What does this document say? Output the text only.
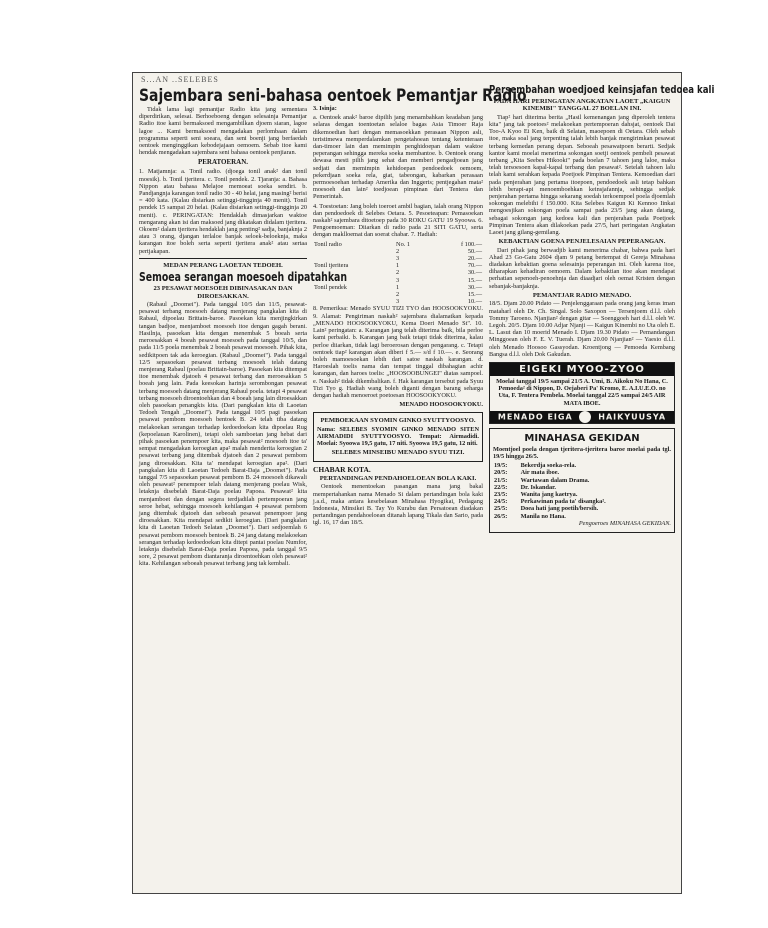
S...AN ..SELEBES
Sajembara seni-bahasa oentoek Pemantjar Radio

Tidak lama lagi pemantjar Radio kita jang sementara diperdirikan, selesai. Berhoeboeng dengan selesainja Pemantjar Radio itoe kami bermaksoed mengambilkan djoem siaran, lagoe lagoe ... Kami bermaksoed mengadakan perlombaan dalam programma seperti seni soeara, dan seni boenji jang berfaedah oentoek menginggikan kebodejajaan oemoem. Sebab itoe kami hendak mengadakan sajembara seni bahasa oentoek penjiaran.

PERATOERAN.

1. Matjamnja: a. Tonil radio. (djoega tonil anak² dan tonil moesik). b. Tonil tjeritera. c. Tonil pendek. 2. Tjaranja: a. Bahasa Nippon atau bahasa Melajoe memoeat soeka sendiri. b. Pandjangnja karangan tonil radio 30 - 40 helai, jang masing² berisi = 400 kata. (Kalau disiarkan setinggi-tingginja 40 menit). Tonil pendek 15 sampai 20 helai. (Kalau disiarkan setinggi-tingginja 20 menit). c. PERINGATAN: Hendaklah dimasjarkan waktoe mengarang akan isi dan maksoed jang dikatakan didalam tjeritera. Okoem² dalam tjeritera hendaklah jang penting² sadja, banjaknja 2 atau 3 orang, djangan terlaloe banjak seloek-beloeknja, maka karangan itoe boleh serta seperti tjeritera anak² atau sertaa pertjakapan.

MEDAN PERANG LAOETAN TEDOEH.
Semoea serangan moesoeh dipatahkan
23 PESAWAT MOESOEH DIBINASAKAN DAN DIROESAKKAN.

(Rabaul „Doomei"). Pada tanggal 10/5 dan 11/5, pesawat-pesawat terbang moesoeh datang menjerang pangkalan kita di Rabaul, dipoelau Brittain-baroe. Pasoekan kita menjingkirkan tangan badjoe, menjamboet moesoeh itoe dengan gagah berani. Hasilnja, pasoekan kita dengan menembak 5 boeah serta meroesakkan 4 boeah pesawat moesoeh pada tanggal 10/5, dan pada 11/5 poela menembak 2 boeah pesawat moesoeh. Pihak kita, sedikitpoen tak ada keroegian. (Rabaul „Doomei"). Pada tanggal 12/5 sepasoekan pesawat terbang moesoeh telah datang menjerang Rabaul (poelau Brittain-baroe). Pasoekan kita ditempat itoe menembak djatoeh 4 pesawat terbang dan meroesakkan 5 boeah jang lain. Pada keesokan harinja serombongan pesawat terbang moesoeh datang menjerang Rabaul poela. tetapi 4 pesawat terbang moesoeh diroentoehkan dan 4 boeah jang lain diroesakkan oleh pasoekan penangkis kita. (Dari pangkalan kita di Laoetan Tedoeh Tengah „Doomei"). Pada tanggal 10/5 pagi pasoekan pesawat pembom moesoeh bentoek B. 24 telah tiba datang melakoekan serangan terhadap kedoedoekan kita dipoelau Rug (kepoelauan Karolinen), tetapi oleh samboetan jang hebat dari pihak pasoekan penempoer kita, maka pesawat² moesoeh itoe ta' sempat mengadakan keroegian apa² malah menderita keroegian 2 pesawat terbang jang ditembak djatoeh dan 2 pesawat pembom jang diroesakkan. Kita ta' mendapat keroegian apa². (Dari pangkalan kita di Laoetan Tedoeh Barat-Daja „Doomei"). Pada tanggal 7/5 sepasoekan pesawat pembom B. 24 moesoeh dikawali oleh pesawat² penempoer telah datang menjerang poelau Wisk, letaknja disebelah Barat-Daja poelau Papoea. Pesawat² kita menjamboet dan dengan segera terdjadilah pertempoeran jang seroe hebat, sehingga moesoeh kehilangan 4 pesawat pembom jang ditembak djatoeh dan sebeoah pesawat penempoer jang diroesakkan. Kita mendapat sedikit keroegian. (Dari pangkalan kita di Laoetan Tedoeh Selatan „Doomei"). Dari sedjoemlah 6 pesawat pembom moesoeh bentoek B. 24 jang datang melakoekan serangan terhadap kedoedoekan kita ditepi pantai poelau Numfor, letaknja disebelah Barat-Daja poelau Papoea, pada tanggal 9/5 sore, 2 pesawat pembom diantaranja diroentoehkan oleh pesawat² kita. Kehilangan seboeah pesawat terbang jang tak kembali.

3. Isinja:

a. Oentoek anak² baroe dipilih jang menambahkan keadaban jang selaras dengan toentoetan selaloe bagas Asia Timoer Raja dikemoedian hari dengan memasoekkan perasaan Nippon asli, teristimewa memperdalamkan pengetahoean tentang ketenteraan dan-timoer lain dan memimpin penghidoepan dalam waktoe peperangan sehingga mereka soeka membantoe. b. Oentoek orang dewasa mesti pilih jang sehat dan memberi pengadjoean jang sedjati dan memimpin kehidoepan pendoedoek oemoem, pekerdjaan soeka rela, giat, tabeongan, kabarkan perasaan permoesoehan terhadap Amerika dan Inggeris; pentjegahan mata² moesoeh dan lain² toedjoean pimpinan dari Tentera dan Pemerintah.

4. Toestoetan: Jang boleh toeroet ambil bagian, ialah orang Nippon dan pendoedoek di Selebes Oetara. 5. Pesoeteapan: Pemasoekan naskah² sajembara ditoetoep pada 30 ROKU GATU 19 Syoowa. 6. Pengoemoeman: Diiarkan di radio pada 21 SITI GATU, serta dengan maklloemat dan soerat chabar. 7. Hadiah:

Tonil radio	No. 1	f 100.—
	2	50.—
	3	20.—
Tonil tjeritera	1	70.—
	2	30.—
	3	15.—
Tonil pendek	1	30.—
	2	15.—
	3	10.—

8. Pemeriksa: Menado SYUU TIZI TYO dan HOOSOOKYOKU. 9. Alamat: Pengiriman naskah² sajembara dialamatkan kepada „MENADO HOOSOOKYOKU, Kema Doeri Menado St". 10. Lain² peringatan: a. Karangan jang telah diterima baik, bila perloe kami perbaiki. b. Karangan jang baik tetapi tidak diterima, kalau perloe diiarkan, tidak lagi beroerosan dengan pengarang. c. Tetapi oentoek tiap² karangan akan diberi f 5.— s/d f 10.—. e. Seorang boleh mamoesoekan lebih dari satoe naskah karangan. d. Haroeslah toelis nama dan tempat tinggal dibahagian achir karangan, dan haroes toelis: „HOOSOOBUNGEI" diatas sampoel. e. Naskah² tidak dikembalikan. f. Hak karangan tersebut pada Syuu Tizi Tyo g. Hadiah wang boleh diganti dengan barang seharga dengan hadiah menoeroet poetoesan HOOSOOKYOKU.

MENADO HOOSOOKYOKU.
PEMBOEKAAN SYOMIN GINKO SYUTTYOOSYO.

Nama: SELEBES SYOMIN GINKO MENADO SITEN AIRMADIDI SYUTTYOOSYO. Tempat: Airmadidi. Moelai: Syoowa 19,5 gatu, 17 niti. Syoowa 19,5 gatu, 12 niti.

SELEBES MINSEIBU MENADO SYUU TIZI.
CHABAR KOTA.
PERTANDINGAN PENDAHOELOEAN BOLA KAKI.

Oentoek menentoekan pasangan mana jang bakal mempertahankan nama Menado Si dalam pertandingan bola kaki j.a.d., maka antara kesebelasan Minahasa Hyogikai, Pedagang Indonesia, Minsikei B. Tay Yo Kurabu dan Persatoean diadakan pertandingan pendahoeloean ditanah lapang Tikala dan Sario, pada tgl. 16, 17 dan 18/5.

Persembahan woedjoed keinsjafan tedoea kali
PADA HARI PERINGATAN ANGKATAN LAOET „KAIGUN KINEMBI" TANGGAL 27 BOELAN INI.

Tiap² hari diterima berita „Hasil kemenangan jang diperoleh tentera kita" jang tak poetoes² melakoekan pertempoeran dahsjat, oentoek Dai Too-A Kyoo Ei Ken, baik di Selatan, maoepoen di Oetara. Oleh sebab itoe, maka soal jang terpenting ialah lebih banjak mengirimkan pesawat terbang kemedan perang depan. Seboeah pesawatpoen berarti. Sedjak kantor kami moelai menerima sokongan soetji oentoek pembeli pesawat terbang „Kita Seebes Hikooki" pada boelan 7 tahoen jang laloe, maka telah tersoesoen kapal-kapal terbang dan pesawat². Setelah tahoen lalu telah kami serahkan kepada Poetjoek Pimpinan Tentera. Kemoedian dari pada penjerahan jang pertama itoepoen, pendoedoek asli tetap bahkan lebih berapi-api menoemboehkan keinsjafannja, sehingga sedjak penjerahan pertama hingga sekarang soedah terkoempoel poela djoemlah sokongan melebihi f 150.000. Kita Selebes Kaigun Ki Kennoo Iinkai mengoesjikan sokongan poela sampai pada 23/5 jang akan datang, sebagai sokongan jang kedoea kali dan penjerahan pada Poetjoek Pimpinan Tentera akan dilakoekan pada 27/5, hari peringatan Angkatan Laoet jang gilang-gemilang.

KEBAKTIAN GOENA PENJELESAIAN PEPERANGAN.

Dari pihak jang berwadjib kami menerima chabar, bahwa pada hari Ahad 23 Go-Gatu 2604 djam 9 petang bertempat di Gereja Minahasa diadakan kebaktian goena selesainja peperangan ini. Oleh karena itoe, diharapkan kehadiran oemoem. Dalam kebaktian itoe akan mendapat perhatian sepenoeh-penoehnja dan diaadjari oleh oemat Kristen dengan sebanjak-banjaknja.

PEMANTJAR RADIO MENADO.

18/5. Djam 20.00 Pidato — Penjelenggaraan pada orang jang keras iman mataharl oleh Dr. Ch. Singal. Solo Saxopon — Tersenjoem d.l.l. oleh Tommy Taroeno. Njanjian² dengan gitar — Soenggoeh hari d.l.l. oleh W. Legoh. 20/5. Djam 10.00 Adjar Njanji — Kaigun Kinembi no Uta oleh E. L. Lasut dan 10 moerid Menado I. Djam 19.30 Pidato — Pemandangan Minggoean oleh F. E. V. Tuerah. Djam 20.00 Njanjian² — Yaesio d.l.l. oleh Menado Hoosoo Gassyodan. Kroentjong — Pemoeda Kembang Bangsa d.l.l. oleh Dok Gakudan.

EIGEKI MYOO-ZYOO

Moelai tanggal 19/5 sampai 21/5 A. Umi, B. Aikoku No Hana, C. Pemoeda² di Nippon, D. Oejaberi Pa' Kromo, E. A.I.U.E.O. no Uta, F. Tentera Pembela. Moelai tanggal 22/5 sampai 24/5 AIR MATA IBOE.

MENADO EIGA	HAIKYUUSYA
MINAHASA GEKIDAN

Moentjoel poela dengan tjeritera-tjeritera baroe moelai pada tgl. 19/5 hingga 26/5.

19/5:	Bekerdja soeka-rela.
20/5:	Air mata iboe.
21/5:	Wartawan dalam Drama.
22/5:	Dr. Iskandar.
23/5:	Wanita jang kaetrya.
24/5:	Perkawinan pada ta' disangka².
25/5:	Doea hati jang poetih/bersih.
26/5:	Manila no Hana.
Pengoeroes MINAHASA GEKIDAN.
